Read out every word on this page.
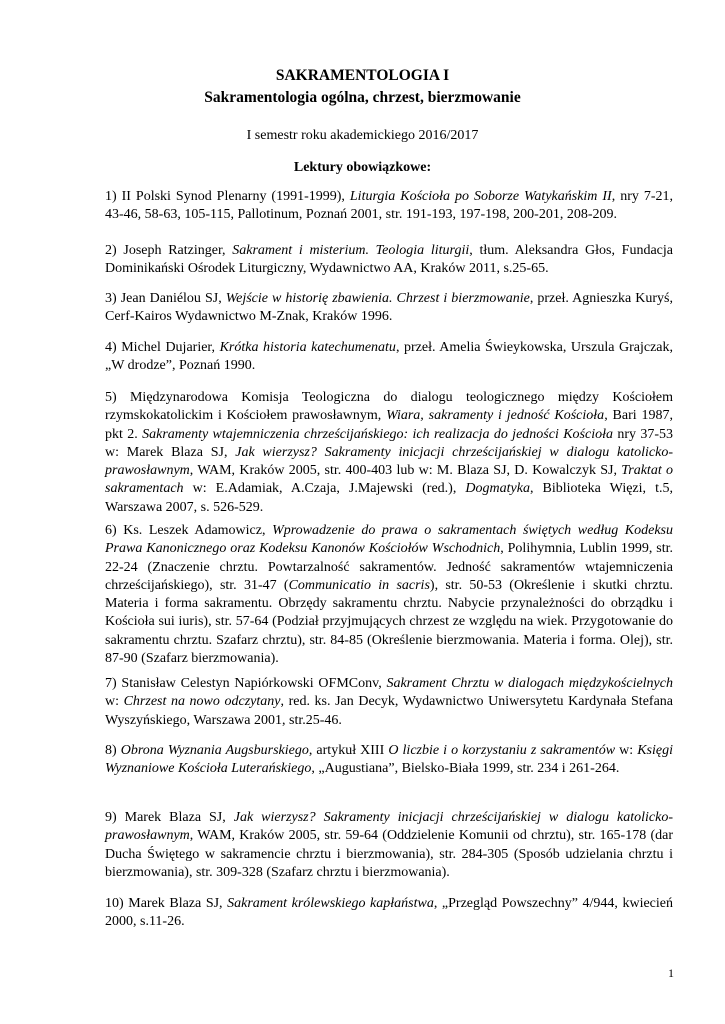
SAKRAMENTOLOGIA I

Sakramentologia ogólna, chrzest, bierzmowanie

I semestr roku akademickiego 2016/2017

Lektury obowiązkowe:

1) II Polski Synod Plenarny (1991-1999), Liturgia Kościoła po Soborze Watykańskim II, nry 7-21, 43-46, 58-63, 105-115, Pallotinum, Poznań 2001, str. 191-193, 197-198, 200-201, 208-209.

2) Joseph Ratzinger, Sakrament i misterium. Teologia liturgii, tłum. Aleksandra Głos, Fundacja Dominikański Ośrodek Liturgiczny, Wydawnictwo AA, Kraków 2011, s.25-65.

3) Jean Daniélou SJ, Wejście w historię zbawienia. Chrzest i bierzmowanie, przeł. Agnieszka Kuryś, Cerf-Kairos Wydawnictwo M-Znak, Kraków 1996.

4) Michel Dujarier, Krótka historia katechumenatu, przeł. Amelia Świeykowska, Urszula Grajczak, „W drodze”, Poznań 1990.

5) Międzynarodowa Komisja Teologiczna do dialogu teologicznego między Kościołem rzymskokatolickim i Kościołem prawosławnym, Wiara, sakramenty i jedność Kościoła, Bari 1987, pkt 2. Sakramenty wtajemniczenia chrześcijańskiego: ich realizacja do jedności Kościoła nry 37-53 w: Marek Blaza SJ, Jak wierzysz? Sakramenty inicjacji chrześcijańskiej w dialogu katolicko-prawosławnym, WAM, Kraków 2005, str. 400-403 lub w: M. Blaza SJ, D. Kowalczyk SJ, Traktat o sakramentach w: E.Adamiak, A.Czaja, J.Majewski (red.), Dogmatyka, Biblioteka Więzi, t.5, Warszawa 2007, s. 526-529.

6) Ks. Leszek Adamowicz, Wprowadzenie do prawa o sakramentach świętych według Kodeksu Prawa Kanonicznego oraz Kodeksu Kanonów Kościołów Wschodnich, Polihymnia, Lublin 1999, str. 22-24 (Znaczenie chrztu. Powtarzalność sakramentów. Jedność sakramentów wtajemniczenia chrześcijańskiego), str. 31-47 (Communicatio in sacris), str. 50-53 (Określenie i skutki chrztu. Materia i forma sakramentu. Obrzędy sakramentu chrztu. Nabycie przynależności do obrządku i Kościoła sui iuris), str. 57-64 (Podział przyjmujących chrzest ze względu na wiek. Przygotowanie do sakramentu chrztu. Szafarz chrztu), str. 84-85 (Określenie bierzmowania. Materia i forma. Olej), str. 87-90 (Szafarz bierzmowania).

7) Stanisław Celestyn Napiórkowski OFMConv, Sakrament Chrztu w dialogach międzykościelnych w: Chrzest na nowo odczytany, red. ks. Jan Decyk, Wydawnictwo Uniwersytetu Kardynała Stefana Wyszyńskiego, Warszawa 2001, str.25-46.

8) Obrona Wyznania Augsburskiego, artykuł XIII O liczbie i o korzystaniu z sakramentów w: Księgi Wyznaniowe Kościoła Luterańskiego, „Augustiana”, Bielsko-Biała 1999, str. 234 i 261-264.

9) Marek Blaza SJ, Jak wierzysz? Sakramenty inicjacji chrześcijańskiej w dialogu katolicko-prawosławnym, WAM, Kraków 2005, str. 59-64 (Oddzielenie Komunii od chrztu), str. 165-178 (dar Ducha Świętego w sakramencie chrztu i bierzmowania), str. 284-305 (Sposób udzielania chrztu i bierzmowania), str. 309-328 (Szafarz chrztu i bierzmowania).

10) Marek Blaza SJ, Sakrament królewskiego kapłaństwa, „Przegląd Powszechny” 4/944, kwiecień 2000, s.11-26.

1
